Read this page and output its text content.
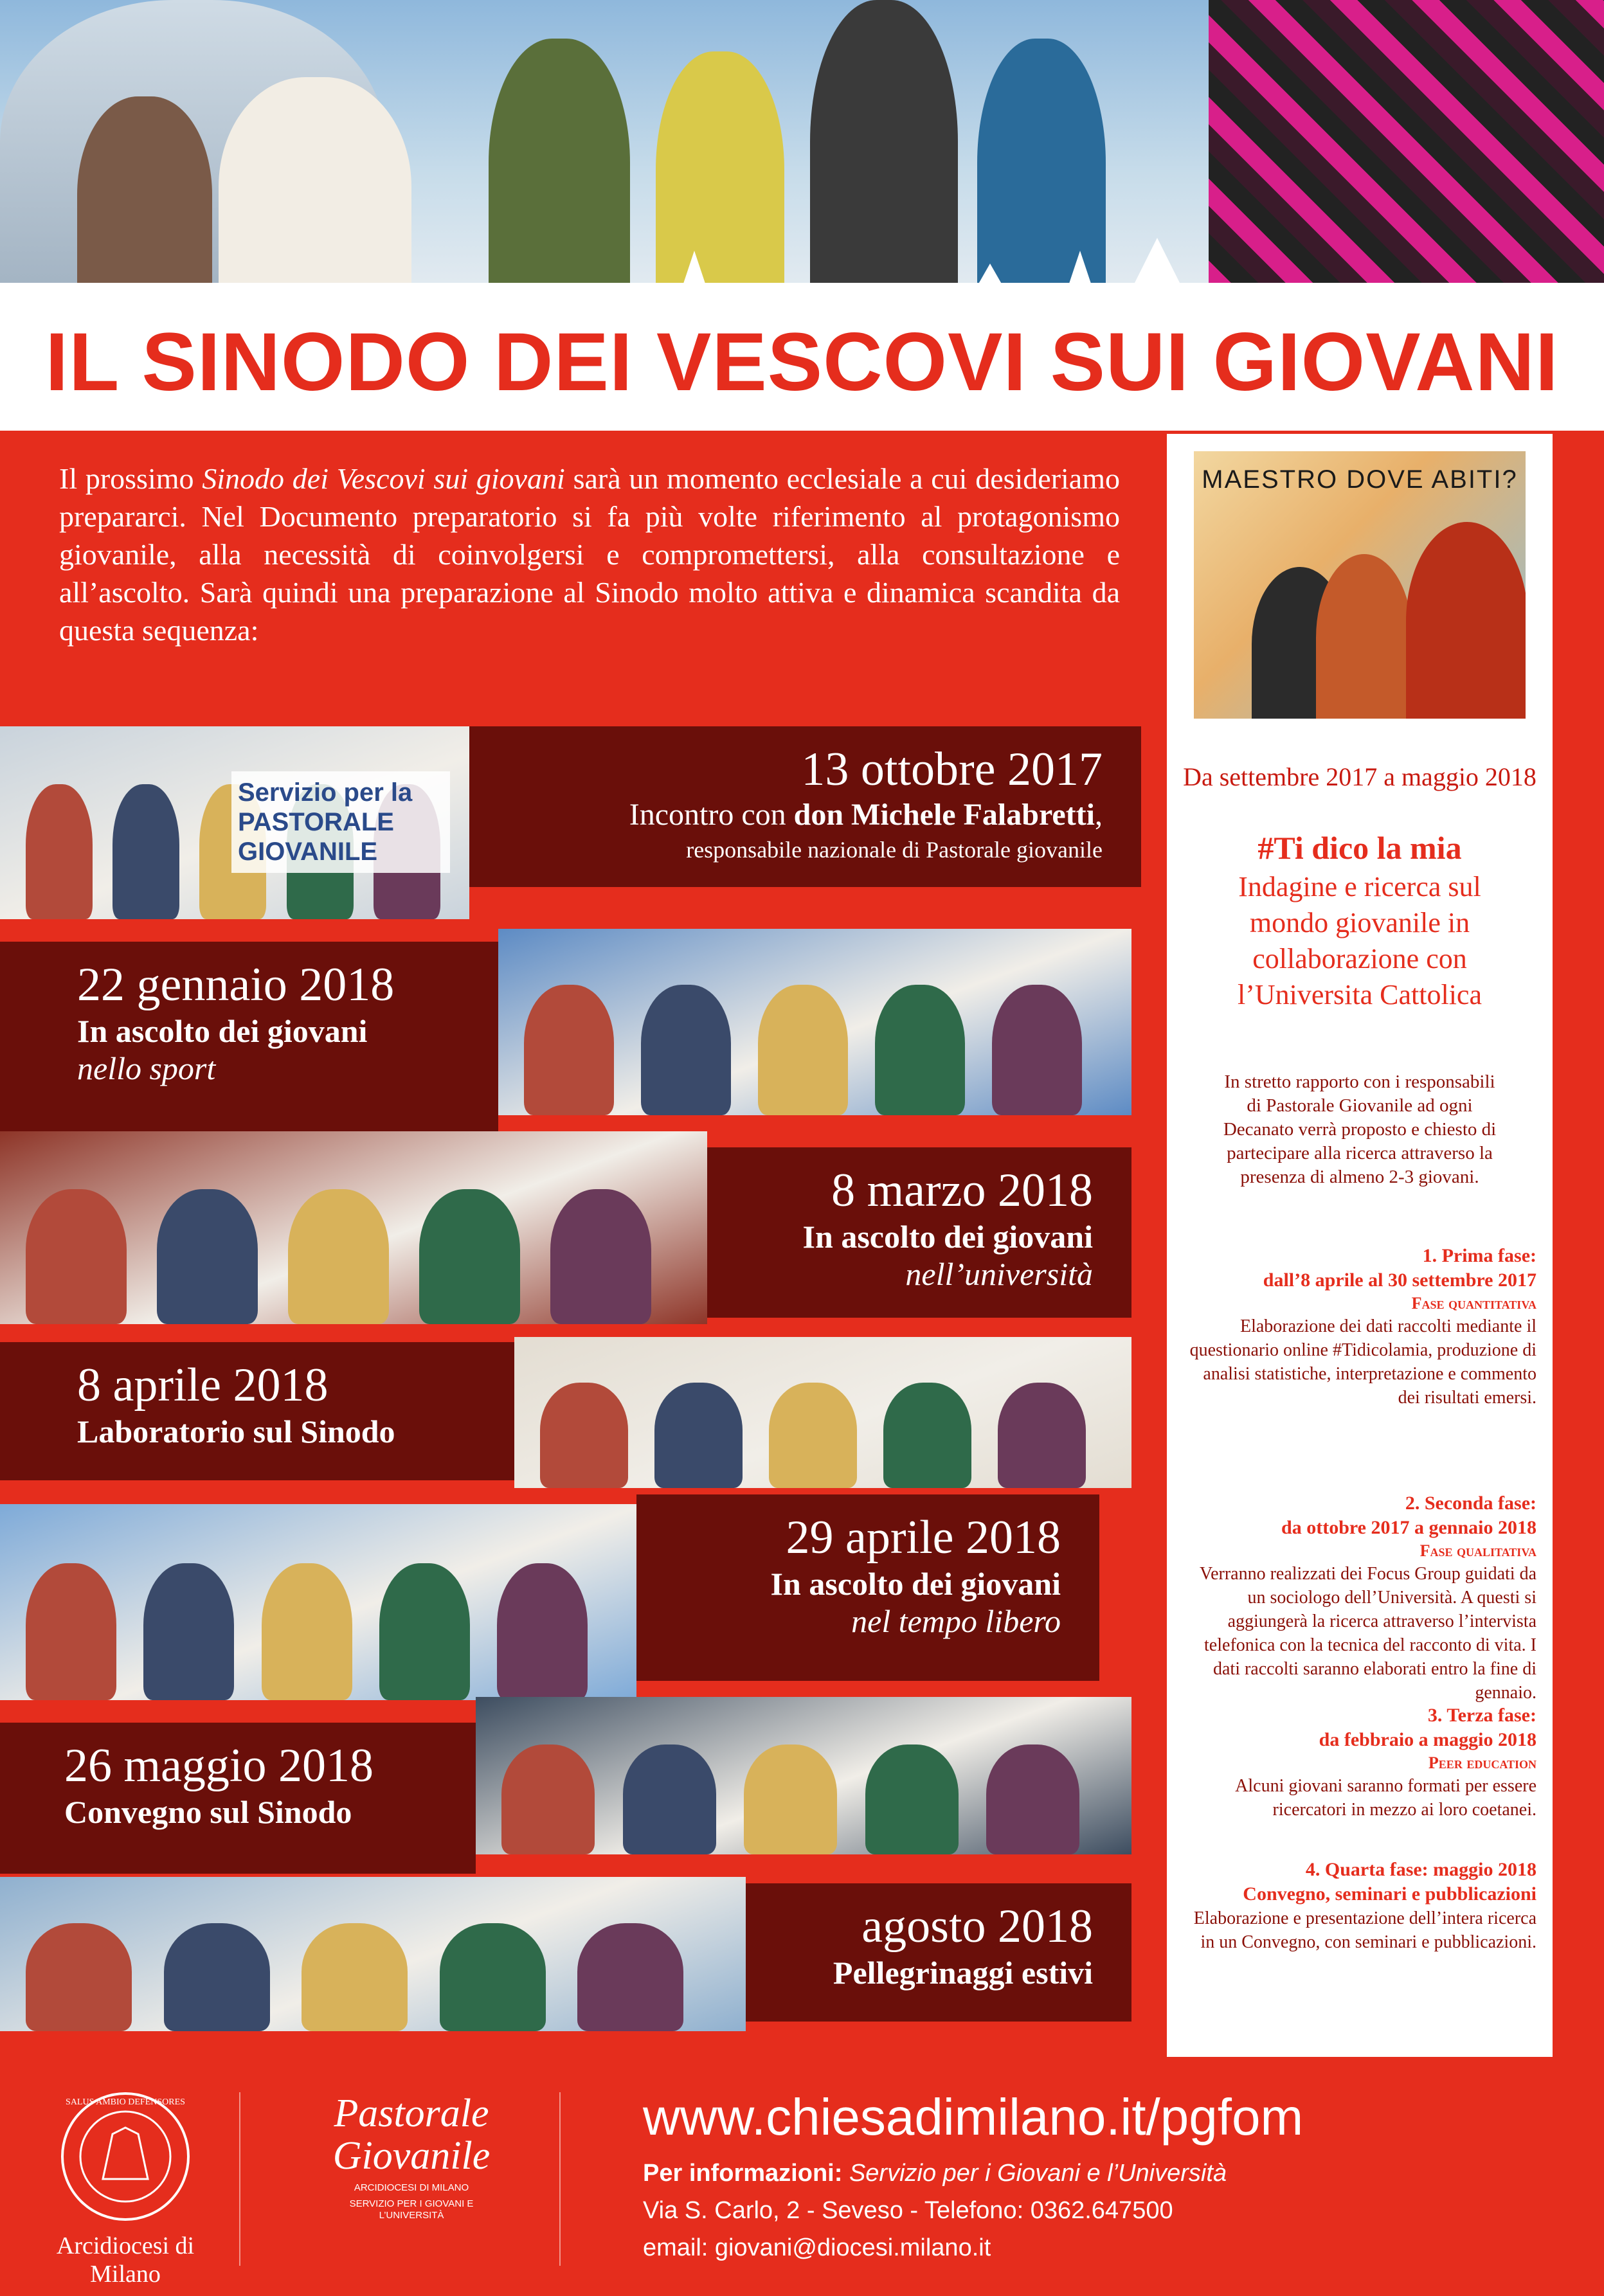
IL SINODO DEI VESCOVI SUI GIOVANI

Il prossimo Sinodo dei Vescovi sui giovani sarà un momento ecclesiale a cui desideriamo prepararci. Nel Documento preparatorio si fa più volte riferimento al protagonismo giovanile, alla necessità di coinvolgersi e compromettersi, alla consultazione e all’ascolto. Sarà quindi una preparazione al Sinodo molto attiva e dinamica scandita da questa sequenza:

MAESTRO DOVE ABITI?
Da settembre 2017 a maggio 2018
#Ti dico la mia
Indagine e ricerca sul mondo giovanile in collaborazione con l’Universita Cattolica
In stretto rapporto con i responsabili di Pastorale Giovanile ad ogni Decanato verrà proposto e chiesto di partecipare alla ricerca attraverso la presenza di almeno 2-3 giovani.
1. Prima fase:
dall’8 aprile al 30 settembre 2017
Fase quantitativa
Elaborazione dei dati raccolti mediante il questionario online #Tidicolamia, produzione di analisi statistiche, interpretazione e commento dei risultati emersi.
2. Seconda fase:
da ottobre 2017 a gennaio 2018
Fase qualitativa
Verranno realizzati dei Focus Group guidati da un sociologo dell’Università. A questi si aggiungerà la ricerca attraverso l’intervista telefonica con la tecnica del racconto di vita. I dati raccolti saranno elaborati entro la fine di gennaio.
3. Terza fase:
da febbraio a maggio 2018
Peer education
Alcuni giovani saranno formati per essere ricercatori in mezzo ai loro coetanei.
4. Quarta fase: maggio 2018
Convegno, seminari e pubblicazioni
Elaborazione e presentazione dell’intera ricerca in un Convegno, con seminari e pubblicazioni.
Servizio per la PASTORALE GIOVANILE
13 ottobre 2017
Incontro con don Michele Falabretti,
responsabile nazionale di Pastorale giovanile
22 gennaio 2018
In ascolto dei giovani
nello sport
8 marzo 2018
In ascolto dei giovani
nell’università
8 aprile 2018
Laboratorio sul Sinodo
29 aprile 2018
In ascolto dei giovani
nel tempo libero
26 maggio 2018
Convegno sul Sinodo
agosto 2018
Pellegrinaggi estivi
SALUS AMBIO DEFENSORES
Arcidiocesi di Milano
Pastorale Giovanile
ARCIDIOCESI DI MILANO
SERVIZIO PER I GIOVANI E L’UNIVERSITÀ
www.chiesadimilano.it/pgfom
Per informazioni: Servizio per i Giovani e l’Università
Via S. Carlo, 2 - Seveso - Telefono: 0362.647500
email: giovani@diocesi.milano.it
